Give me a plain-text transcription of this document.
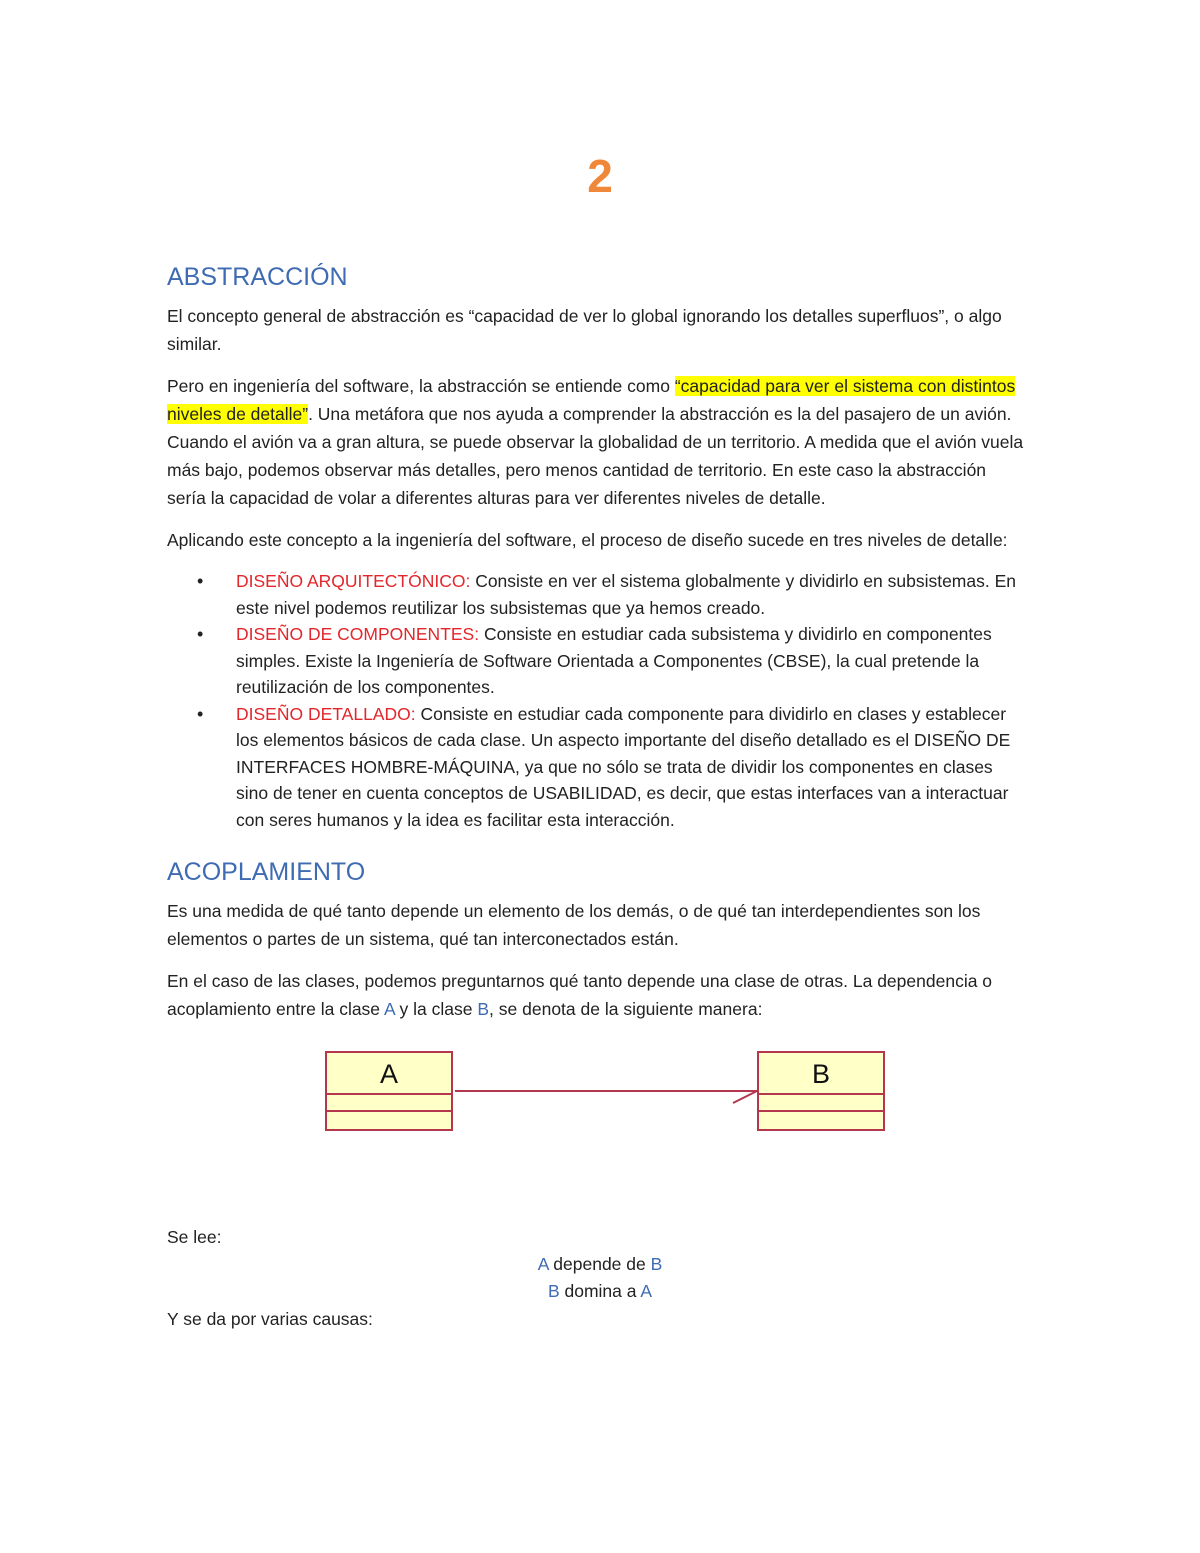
2
ABSTRACCIÓN

El concepto general de abstracción es “capacidad de ver lo global ignorando los detalles superfluos”, o algo similar.

Pero en ingeniería del software, la abstracción se entiende como “capacidad para ver el sistema con distintos niveles de detalle”. Una metáfora que nos ayuda a comprender la abstracción es la del pasajero de un avión. Cuando el avión va a gran altura, se puede observar la globalidad de un territorio. A medida que el avión vuela más bajo, podemos observar más detalles, pero menos cantidad de territorio. En este caso la abstracción sería la capacidad de volar a diferentes alturas para ver diferentes niveles de detalle.

Aplicando este concepto a la ingeniería del software, el proceso de diseño sucede en tres niveles de detalle:

• DISEÑO ARQUITECTÓNICO: Consiste en ver el sistema globalmente y dividirlo en subsistemas. En este nivel podemos reutilizar los subsistemas que ya hemos creado.
• DISEÑO DE COMPONENTES: Consiste en estudiar cada subsistema y dividirlo en componentes simples. Existe la Ingeniería de Software Orientada a Componentes (CBSE), la cual pretende la reutilización de los componentes.
• DISEÑO DETALLADO: Consiste en estudiar cada componente para dividirlo en clases y establecer los elementos básicos de cada clase. Un aspecto importante del diseño detallado es el DISEÑO DE INTERFACES HOMBRE-MÁQUINA, ya que no sólo se trata de dividir los componentes en clases sino de tener en cuenta conceptos de USABILIDAD, es decir, que estas interfaces van a interactuar con seres humanos y la idea es facilitar esta interacción.
ACOPLAMIENTO

Es una medida de qué tanto depende un elemento de los demás, o de qué tan interdependientes son los elementos o partes de un sistema, qué tan interconectados están.

En el caso de las clases, podemos preguntarnos qué tanto depende una clase de otras. La dependencia o acoplamiento entre la clase A y la clase B, se denota de la siguiente manera:

A	B

Se lee:

A depende de B
B domina a A

Y se da por varias causas:
